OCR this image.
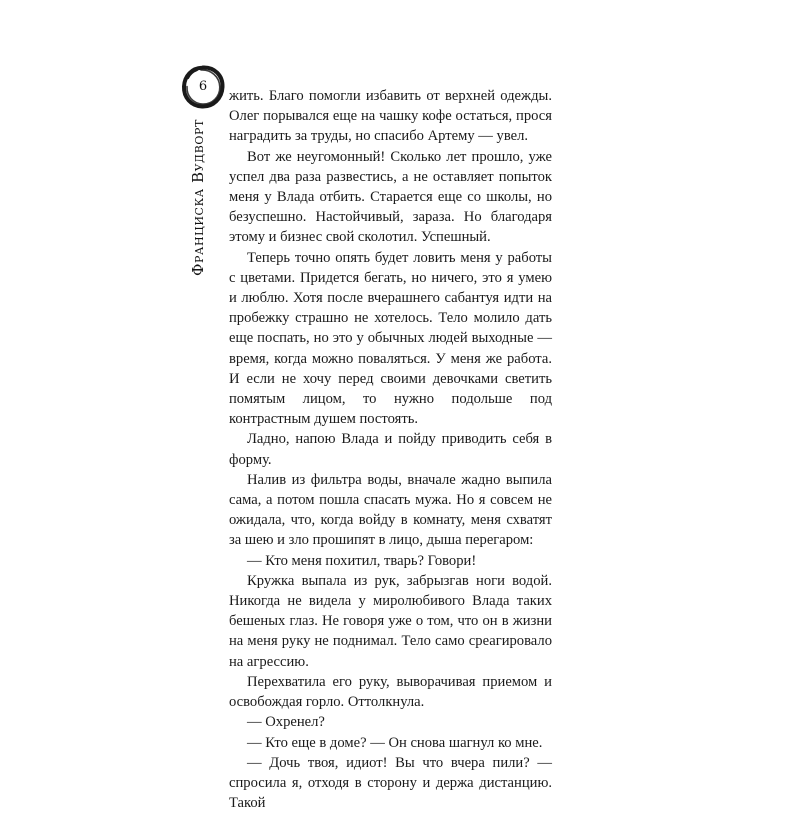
6
Франциска Вудворт

жить. Благо помогли избавить от верхней одежды. Олег порывался еще на чашку кофе остаться, прося наградить за труды, но спасибо Артему — увел.

Вот же неугомонный! Сколько лет прошло, уже успел два раза развестись, а не оставляет попыток меня у Влада отбить. Старается еще со школы, но безуспешно. Настойчивый, зараза. Но благодаря этому и бизнес свой сколотил. Успешный.

Теперь точно опять будет ловить меня у работы с цветами. Придется бегать, но ничего, это я умею и люблю. Хотя после вчерашнего сабантуя идти на пробежку страшно не хотелось. Тело молило дать еще поспать, но это у обычных людей выходные — время, когда можно поваляться. У меня же работа. И если не хочу перед своими девочками светить помятым лицом, то нужно подольше под контрастным душем постоять.

Ладно, напою Влада и пойду приводить себя в форму.

Налив из фильтра воды, вначале жадно выпила сама, а потом пошла спасать мужа. Но я совсем не ожидала, что, когда войду в комнату, меня схватят за шею и зло прошипят в лицо, дыша перегаром:

— Кто меня похитил, тварь? Говори!

Кружка выпала из рук, забрызгав ноги водой. Никогда не видела у миролюбивого Влада таких бешеных глаз. Не говоря уже о том, что он в жизни на меня руку не поднимал. Тело само среагировало на агрессию.

Перехватила его руку, выворачивая приемом и освобождая горло. Оттолкнула.

— Охренел?

— Кто еще в доме? — Он снова шагнул ко мне.

— Дочь твоя, идиот! Вы что вчера пили? — спросила я, отходя в сторону и держа дистанцию. Такой
